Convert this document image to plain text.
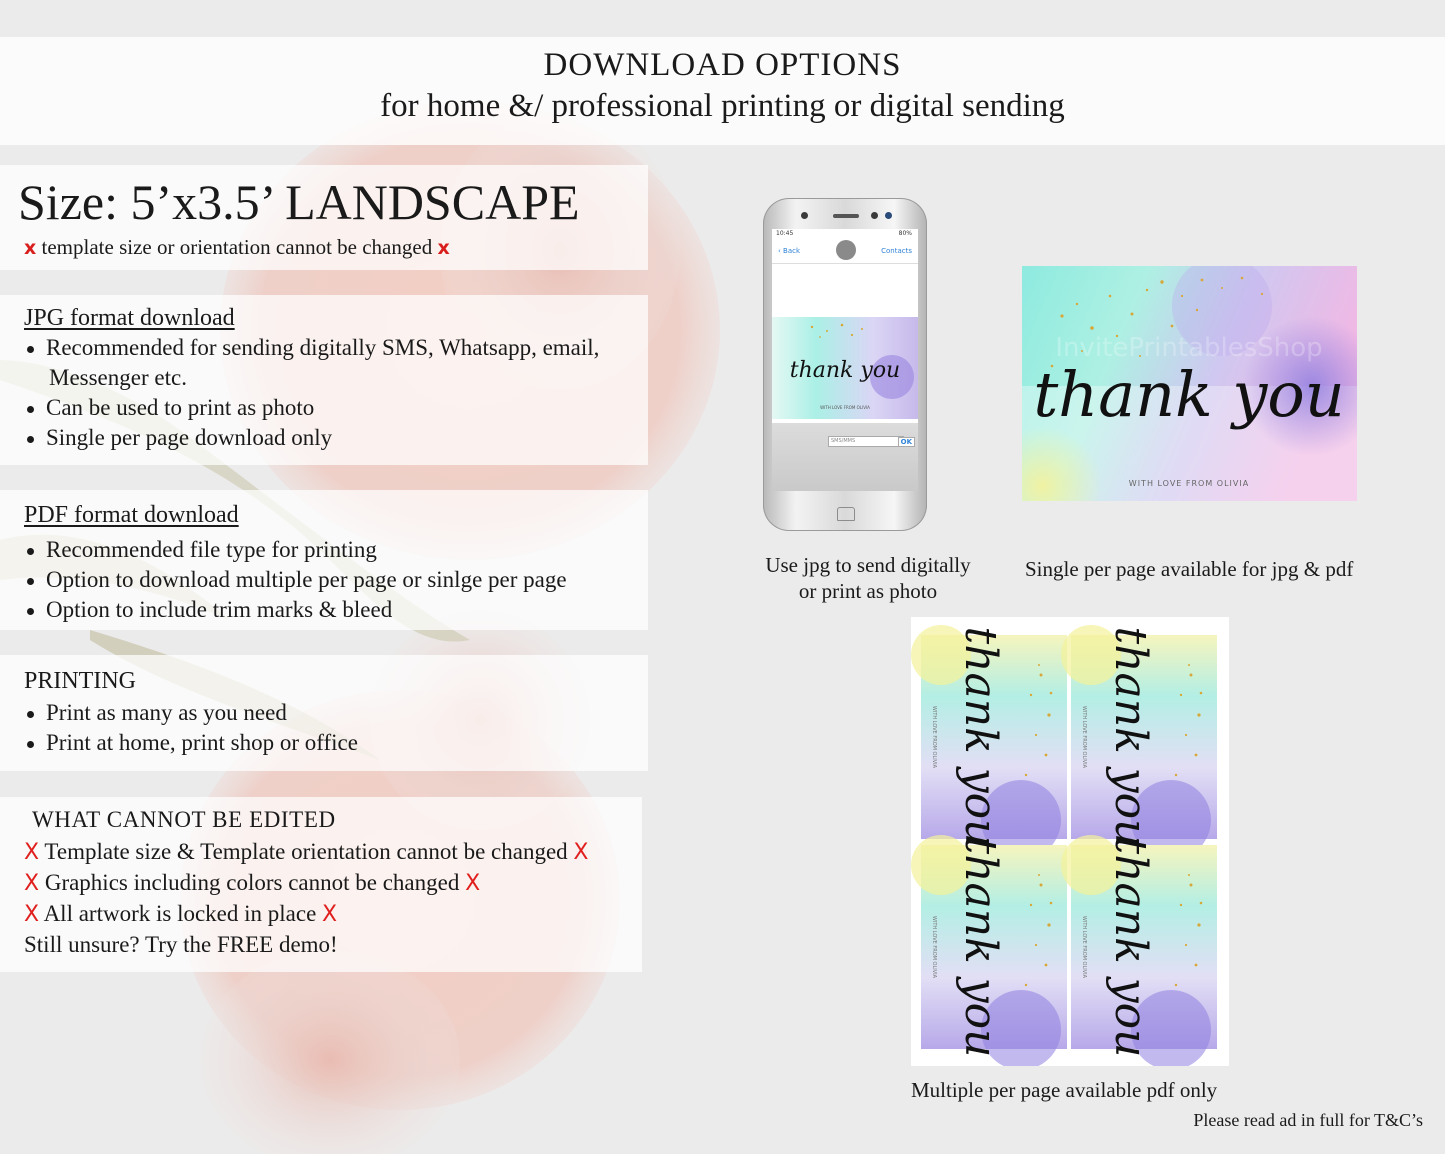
DOWNLOAD OPTIONS
for home &/ professional printing or digital sending
Size: 5’x3.5’ LANDSCAPE
x template size or orientation cannot be changed x
JPG format download
Recommended for sending digitally SMS, Whatsapp, email,
Messenger etc.
Can be used to print as photo
Single per page download only
PDF format download
Recommended file type for printing
Option to download multiple per page or sinlge per page
Option to include trim marks & bleed
PRINTING
Print as many as you need
Print at home, print shop or office
WHAT CANNOT BE EDITED
X Template size & Template orientation cannot be changed X
X Graphics including colors cannot be changed X
X All artwork is locked in place X
Still unsure? Try the FREE demo!
10:45	80%
‹ Back	Contacts
thank you
WITH LOVE FROM OLIVIA
SMS/MMS	OK
Use jpg to send digitally
or print as photo
InvitePrintablesShop
thank you
WITH LOVE FROM OLIVIA
Single per page available for jpg & pdf
thank you thank you
thank you thank you
WITH LOVE FROM OLIVIA	WITH LOVE FROM OLIVIA
WITH LOVE FROM OLIVIA	WITH LOVE FROM OLIVIA
Multiple per page available pdf only
Please read ad in full for T&C’s
